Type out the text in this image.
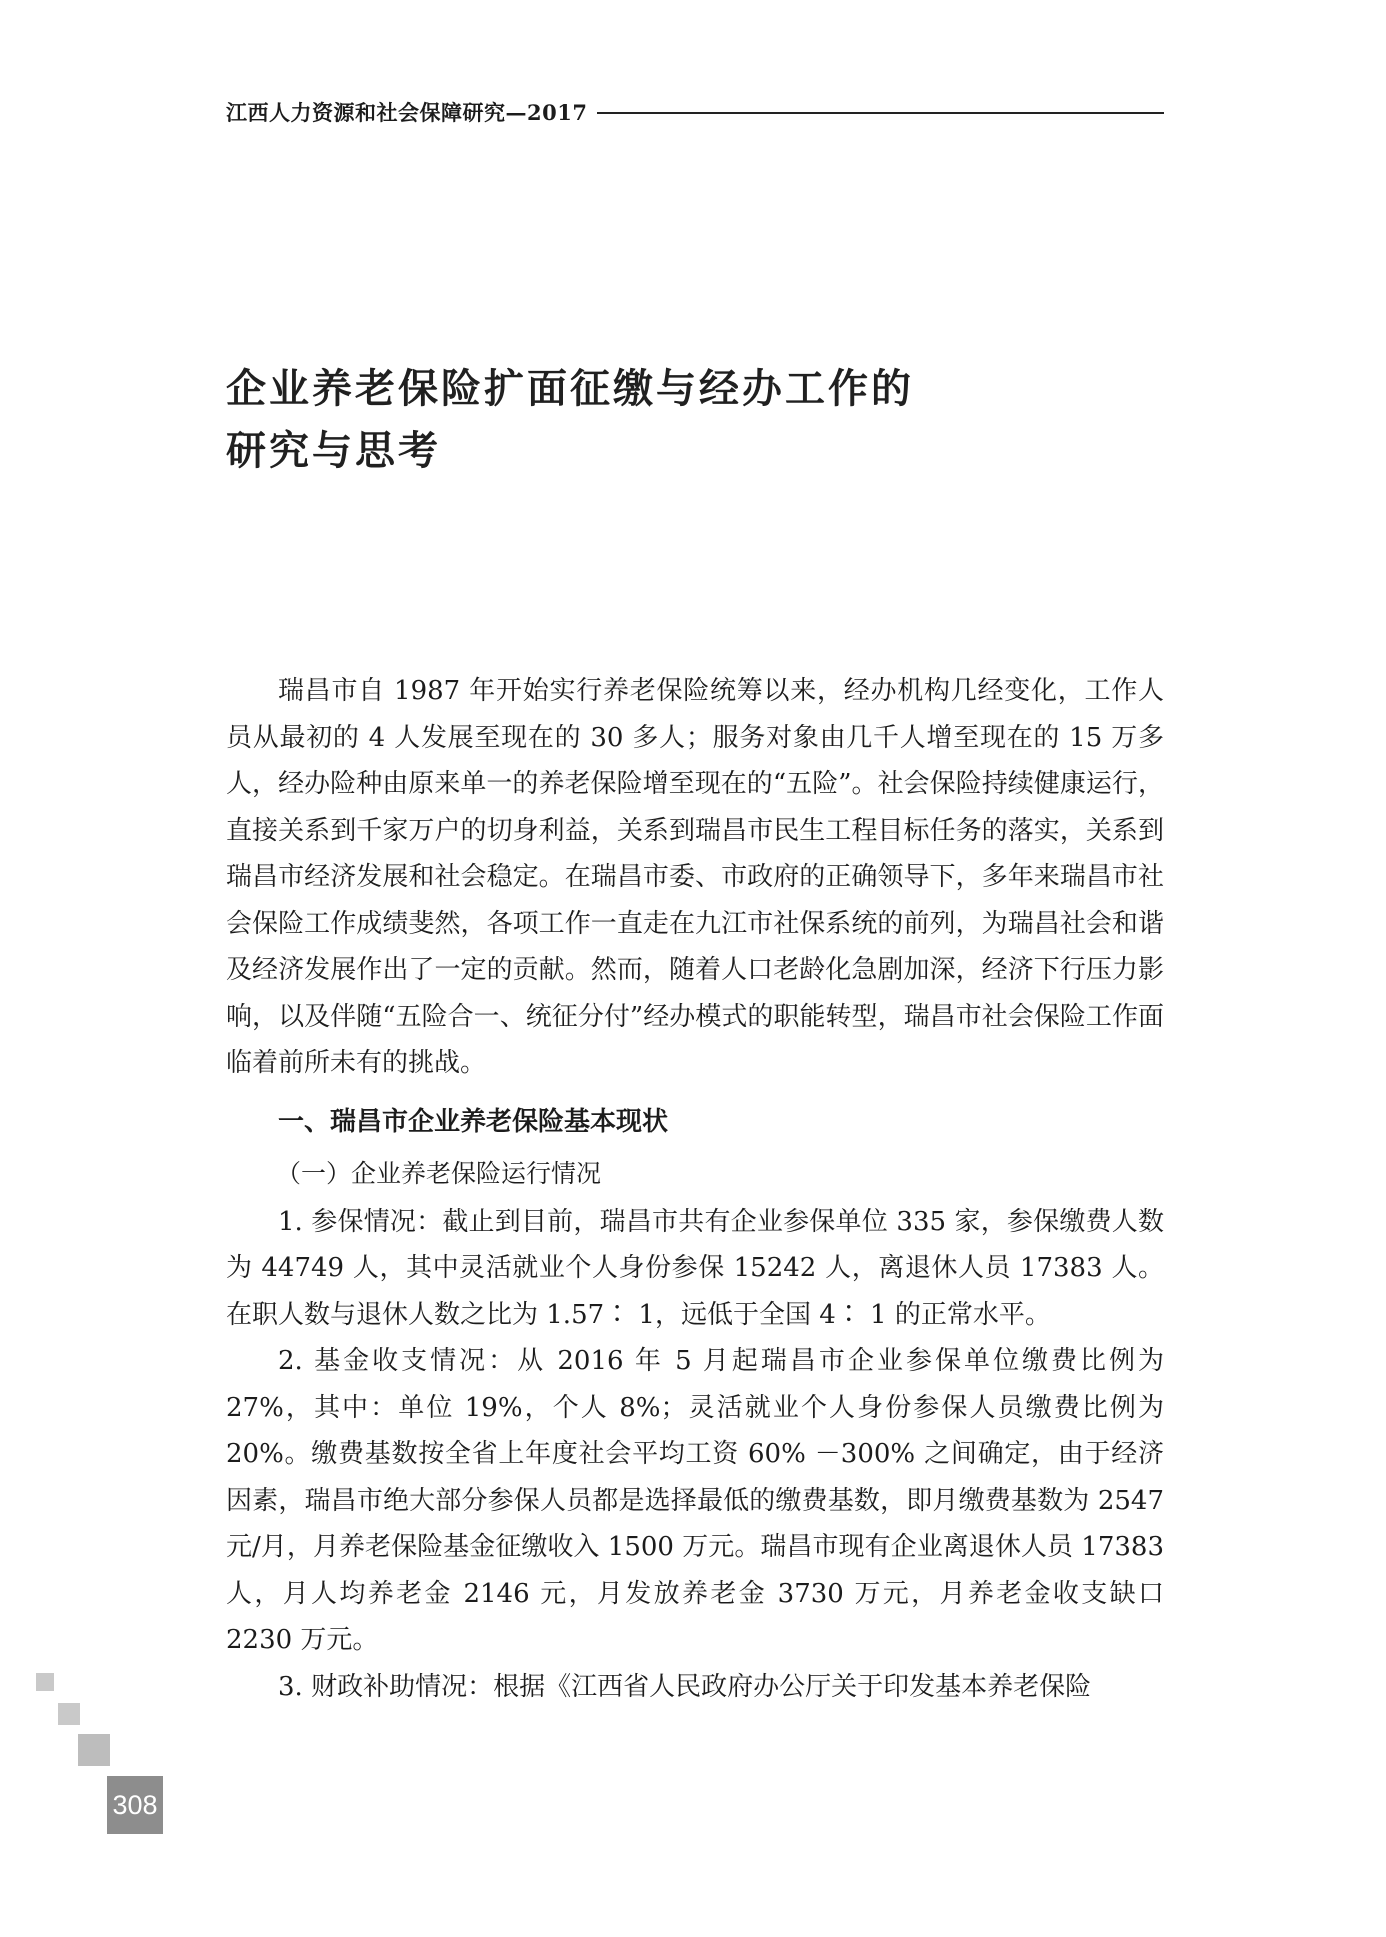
江西人力资源和社会保障研究—2017
企业养老保险扩面征缴与经办工作的
研究与思考

瑞昌市自 1987 年开始实行养老保险统筹以来，经办机构几经变化，工作人员从最初的 4 人发展至现在的 30 多人；服务对象由几千人增至现在的 15 万多人，经办险种由原来单一的养老保险增至现在的“五险”。社会保险持续健康运行，直接关系到千家万户的切身利益，关系到瑞昌市民生工程目标任务的落实，关系到瑞昌市经济发展和社会稳定。在瑞昌市委、市政府的正确领导下，多年来瑞昌市社会保险工作成绩斐然，各项工作一直走在九江市社保系统的前列，为瑞昌社会和谐及经济发展作出了一定的贡献。然而，随着人口老龄化急剧加深，经济下行压力影响，以及伴随“五险合一、统征分付”经办模式的职能转型，瑞昌市社会保险工作面临着前所未有的挑战。

一、瑞昌市企业养老保险基本现状
（一）企业养老保险运行情况

1. 参保情况：截止到目前，瑞昌市共有企业参保单位 335 家，参保缴费人数为 44749 人，其中灵活就业个人身份参保 15242 人，离退休人员 17383 人。在职人数与退休人数之比为 1.57∶ 1，远低于全国 4∶ 1 的正常水平。

2. 基金收支情况：从 2016 年 5 月起瑞昌市企业参保单位缴费比例为 27%，其中：单位 19%，个人 8%；灵活就业个人身份参保人员缴费比例为 20%。缴费基数按全省上年度社会平均工资 60% －300% 之间确定，由于经济因素，瑞昌市绝大部分参保人员都是选择最低的缴费基数，即月缴费基数为 2547 元/月，月养老保险基金征缴收入 1500 万元。瑞昌市现有企业离退休人员 17383 人，月人均养老金 2146 元，月发放养老金 3730 万元，月养老金收支缺口 2230 万元。

3. 财政补助情况：根据《江西省人民政府办公厅关于印发基本养老保险

308
